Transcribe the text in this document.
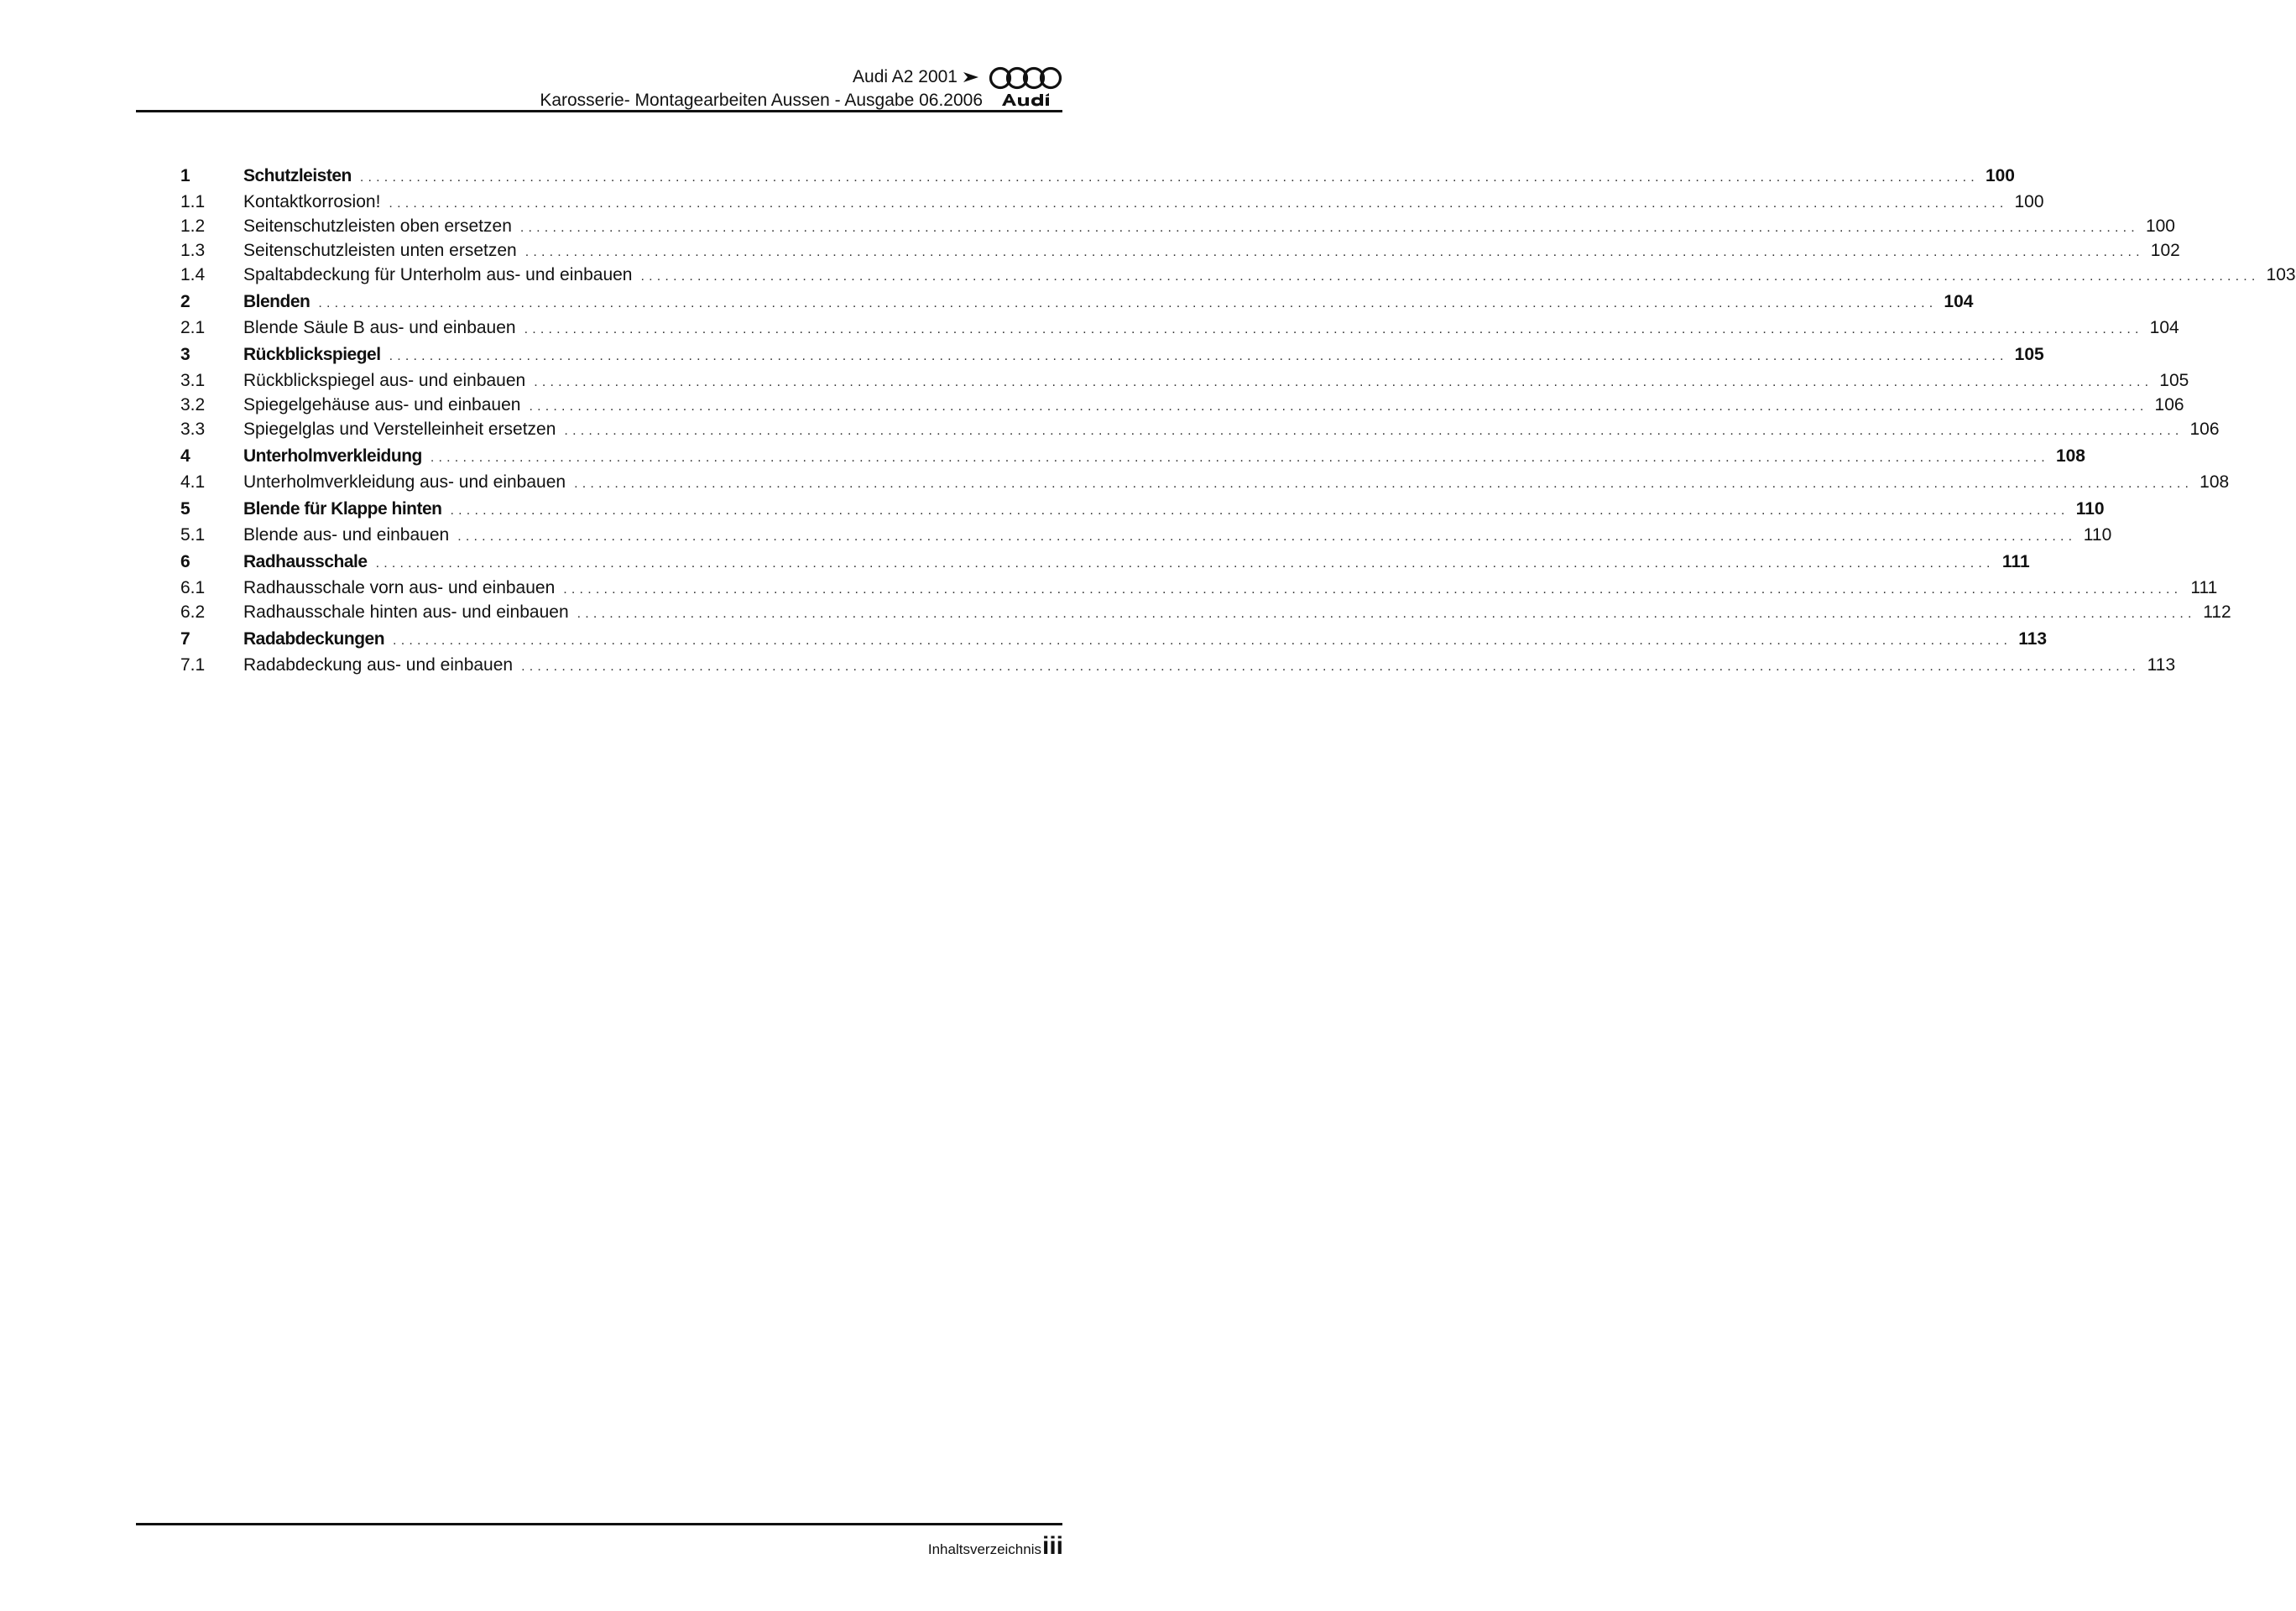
Audi A2 2001
Karosserie- Montagearbeiten Aussen - Ausgabe 06.2006
1	Schutzleisten ........................................................................................................................................................................................................ 100
1.1	Kontaktkorrosion! ........................................................................................................................................................................................................ 100
1.2	Seitenschutzleisten oben ersetzen ........................................................................................................................................................................................................ 100
1.3	Seitenschutzleisten unten ersetzen ........................................................................................................................................................................................................ 102
1.4	Spaltabdeckung für Unterholm aus- und einbauen ........................................................................................................................................................................................................ 103
2	Blenden ........................................................................................................................................................................................................ 104
2.1	Blende Säule B aus- und einbauen ........................................................................................................................................................................................................ 104
3	Rückblickspiegel ........................................................................................................................................................................................................ 105
3.1	Rückblickspiegel aus- und einbauen ........................................................................................................................................................................................................ 105
3.2	Spiegelgehäuse aus- und einbauen ........................................................................................................................................................................................................ 106
3.3	Spiegelglas und Verstelleinheit ersetzen ........................................................................................................................................................................................................ 106
4	Unterholmverkleidung ........................................................................................................................................................................................................ 108
4.1	Unterholmverkleidung aus- und einbauen ........................................................................................................................................................................................................ 108
5	Blende für Klappe hinten ........................................................................................................................................................................................................ 110
5.1	Blende aus- und einbauen ........................................................................................................................................................................................................ 110
6	Radhausschale ........................................................................................................................................................................................................ 111
6.1	Radhausschale vorn aus- und einbauen ........................................................................................................................................................................................................ 111
6.2	Radhausschale hinten aus- und einbauen ........................................................................................................................................................................................................ 112
7	Radabdeckungen ........................................................................................................................................................................................................ 113
7.1	Radabdeckung aus- und einbauen ........................................................................................................................................................................................................ 113
Inhaltsverzeichnis iii
